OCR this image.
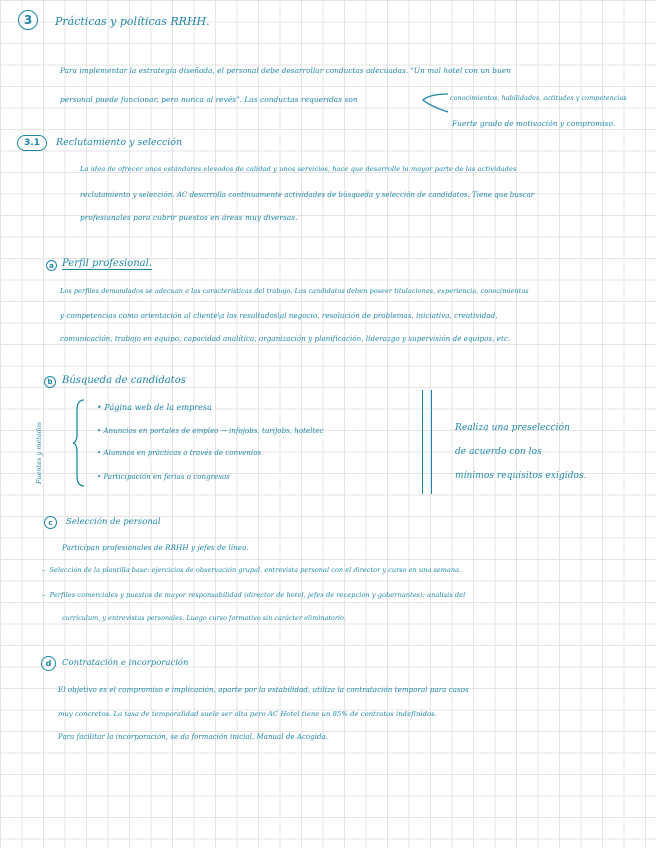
3	Prácticas y políticas RRHH.
Para implementar la estrategia diseñada, el personal debe desarrollar conductas adecuadas. "Un mal hotel con un buen
personal puede funcionar, pero nunca al revés". Las conductas requeridas son	conocimientos, habilidades, actitudes y competencias
Fuerte grado de motivación y compromiso.
3.1	Reclutamiento y selección
La idea de ofrecer unos estándares elevados de calidad y unos servicios, hace que desarrolle la mayor parte de las actividades
reclutamiento y selección. AC desarrolla continuamente actividades de búsqueda y selección de candidatos. Tiene que buscar
profesionales para cubrir puestos en áreas muy diversas.
a Perfil profesional.
Los perfiles demandados se adecuan a las características del trabajo. Los candidatos deben poseer titulaciones, experiencia, conocimientos
y competencias como orientación al cliente\a los resultados\al negocio, resolución de problemas, iniciativa, creatividad,
comunicación, trabajo en equipo, capacidad analítica, organización y planificación, liderazgo y supervisión de equipos, etc.
b Búsqueda de candidatos
Fuentes y métodos
• Página web de la empresa
• Anuncios en portales de empleo → infojobs, turijobs, hoteltec
• Alumnos en prácticas a través de convenios
• Participación en ferias o congresos
Realiza una preselección
de acuerdo con los
mínimos requisitos exigidos.
c	Selección de personal
Participan profesionales de RRHH y jefes de línea.
–  Selección de la plantilla base: ejercicios de observación grupal, entrevista personal con el director y curso en una semana.
–  Perfiles comerciales y puestos de mayor responsabilidad (director de hotel, jefes de recepción y gobernantes): análisis del
currículum, y entrevistas personales. Luego curso formativo sin carácter eliminatorio.
d	Contratación e incorporación
El objetivo es el compromiso e implicación, aparte por la estabilidad, utiliza la contratación temporal para casos
muy concretos. La tasa de temporalidad suele ser alta pero AC Hotel tiene un 85% de contratos indefinidos.
Para facilitar la incorporación, se da formación inicial, Manual de Acogida.
